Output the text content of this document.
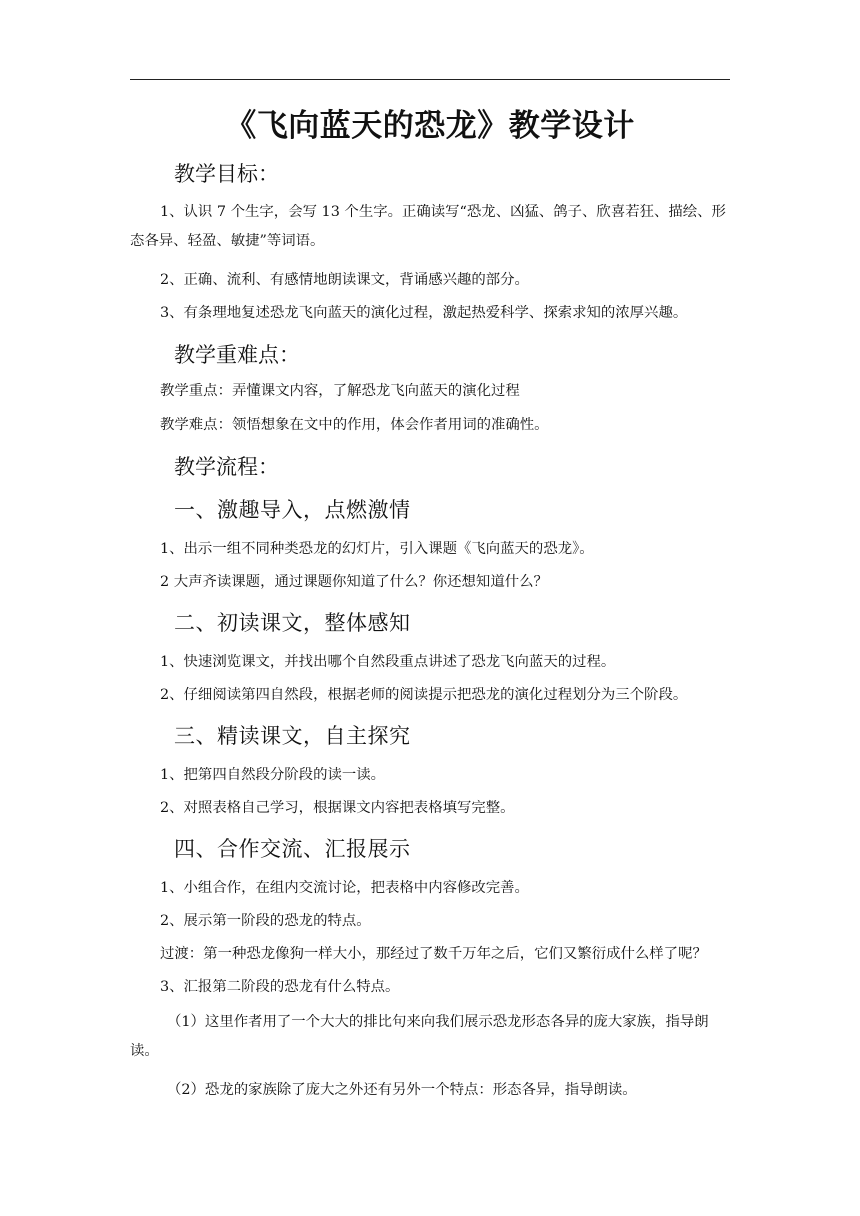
《飞向蓝天的恐龙》教学设计
教学目标：
1、认识 7 个生字，会写 13 个生字。正确读写“恐龙、凶猛、鸽子、欣喜若狂、描绘、形态各异、轻盈、敏捷”等词语。
2、正确、流利、有感情地朗读课文，背诵感兴趣的部分。
3、有条理地复述恐龙飞向蓝天的演化过程，激起热爱科学、探索求知的浓厚兴趣。
教学重难点：
教学重点：弄懂课文内容，了解恐龙飞向蓝天的演化过程
教学难点：领悟想象在文中的作用，体会作者用词的准确性。
教学流程：
一、激趣导入，点燃激情
1、出示一组不同种类恐龙的幻灯片，引入课题《飞向蓝天的恐龙》。
2 大声齐读课题，通过课题你知道了什么？你还想知道什么？
二、初读课文，整体感知
1、快速浏览课文，并找出哪个自然段重点讲述了恐龙飞向蓝天的过程。
2、仔细阅读第四自然段，根据老师的阅读提示把恐龙的演化过程划分为三个阶段。
三、精读课文，自主探究
1、把第四自然段分阶段的读一读。
2、对照表格自己学习，根据课文内容把表格填写完整。
四、合作交流、汇报展示
1、小组合作，在组内交流讨论，把表格中内容修改完善。
2、展示第一阶段的恐龙的特点。
过渡：第一种恐龙像狗一样大小，那经过了数千万年之后，它们又繁衍成什么样了呢？
3、汇报第二阶段的恐龙有什么特点。
（1）这里作者用了一个大大的排比句来向我们展示恐龙形态各异的庞大家族，指导朗读。
（2）恐龙的家族除了庞大之外还有另外一个特点：形态各异，指导朗读。
